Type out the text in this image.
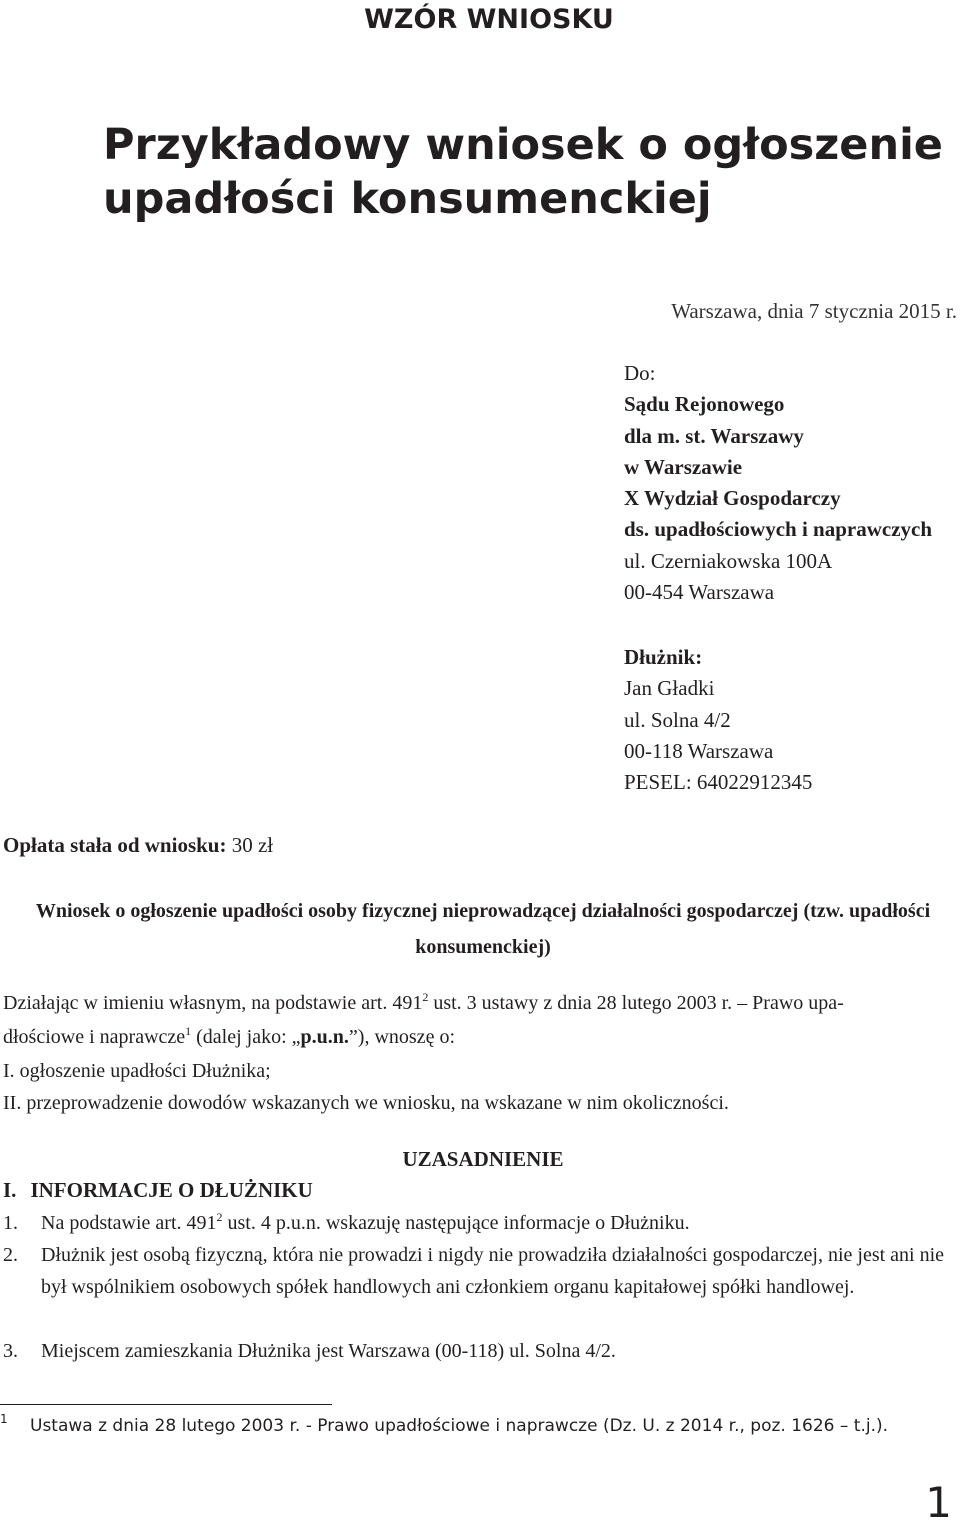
WZÓR WNIOSKU
Przykładowy wniosek o ogłoszenie upadłości konsumenckiej
Warszawa, dnia 7 stycznia 2015 r.
Do:
Sądu Rejonowego
dla m. st. Warszawy
w Warszawie
X Wydział Gospodarczy
ds. upadłościowych i naprawczych
ul. Czerniakowska 100A
00-454 Warszawa
Dłużnik:
Jan Gładki
ul. Solna 4/2
00-118 Warszawa
PESEL: 64022912345
Opłata stała od wniosku: 30 zł
Wniosek o ogłoszenie upadłości osoby fizycznej nieprowadzącej działalności gospodarczej (tzw. upadłości konsumenckiej)
Działając w imieniu własnym, na podstawie art. $491^2$ ust. 3 ustawy z dnia 28 lutego 2003 r. – Prawo upa-
dłościowe i naprawcze$^1$ (dalej jako: „p.u.n.”), wnoszę o:
I. ogłoszenie upadłości Dłużnika;
II. przeprowadzenie dowodów wskazanych we wniosku, na wskazane w nim okoliczności.
UZASADNIENIE
I. INFORMACJE O DŁUŻNIKU
1. Na podstawie art. $491^2$ ust. 4 p.u.n. wskazuję następujące informacje o Dłużniku.
2. Dłużnik jest osobą fizyczną, która nie prowadzi i nigdy nie prowadziła działalności gospodarczej, nie jest ani nie był wspólnikiem osobowych spółek handlowych ani członkiem organu kapitałowej spółki handlowej.
3. Miejscem zamieszkania Dłużnika jest Warszawa (00-118) ul. Solna 4/2.
1 Ustawa z dnia 28 lutego 2003 r. - Prawo upadłościowe i naprawcze (Dz. U. z 2014 r., poz. 1626 – t.j.).
1
